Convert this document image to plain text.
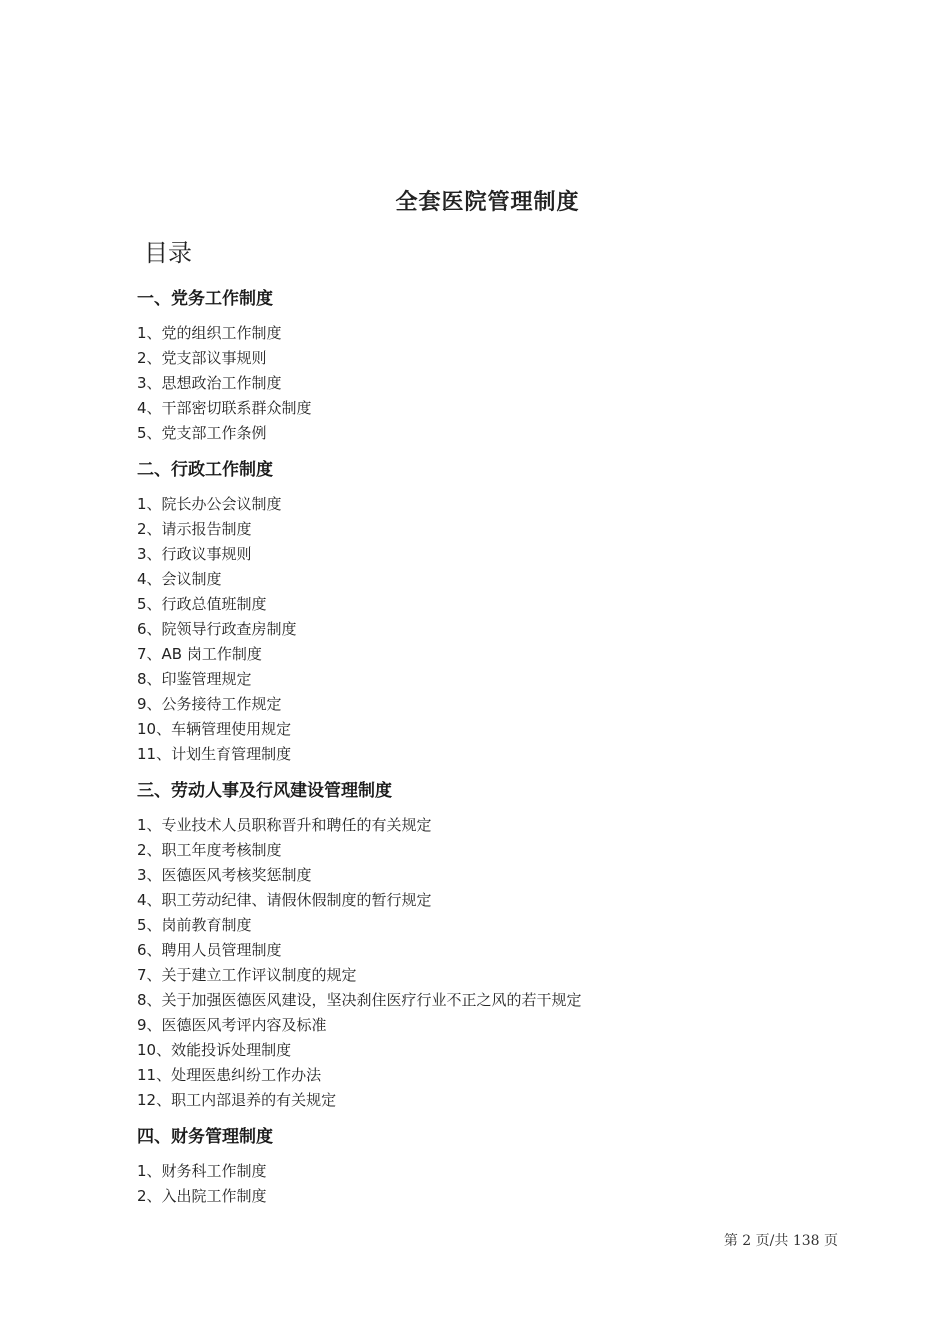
全套医院管理制度
目录
一、党务工作制度
1、党的组织工作制度
2、党支部议事规则
3、思想政治工作制度
4、干部密切联系群众制度
5、党支部工作条例
二、行政工作制度
1、院长办公会议制度
2、请示报告制度
3、行政议事规则
4、会议制度
5、行政总值班制度
6、院领导行政查房制度
7、AB 岗工作制度
8、印鉴管理规定
9、公务接待工作规定
10、车辆管理使用规定
11、计划生育管理制度
三、劳动人事及行风建设管理制度
1、专业技术人员职称晋升和聘任的有关规定
2、职工年度考核制度
3、医德医风考核奖惩制度
4、职工劳动纪律、请假休假制度的暂行规定
5、岗前教育制度
6、聘用人员管理制度
7、关于建立工作评议制度的规定
8、关于加强医德医风建设，坚决刹住医疗行业不正之风的若干规定
9、医德医风考评内容及标准
10、效能投诉处理制度
11、处理医患纠纷工作办法
12、职工内部退养的有关规定
四、财务管理制度
1、财务科工作制度
2、入出院工作制度
第 2 页/共 138 页
